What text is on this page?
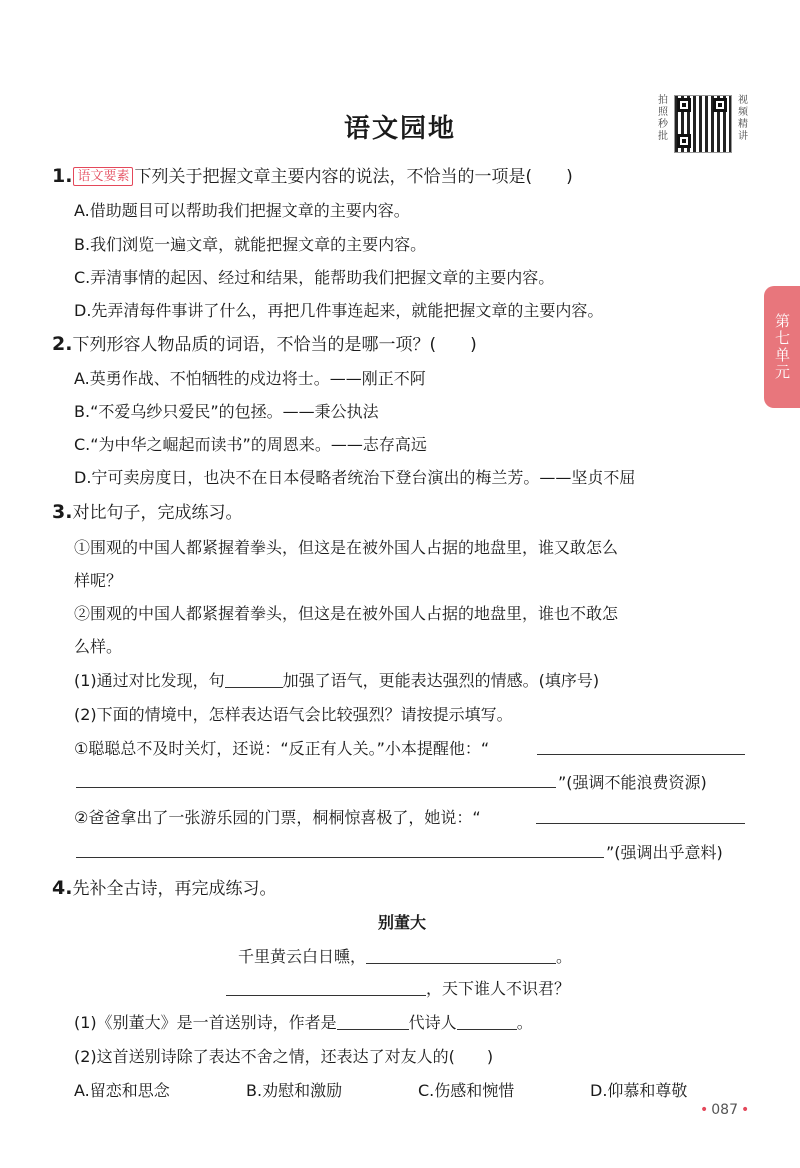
语文园地
拍
照
秒
批
视
频
精
讲
第七单元
1. 语文要素 下列关于把握文章主要内容的说法，不恰当的一项是(　　)
A.借助题目可以帮助我们把握文章的主要内容。
B.我们浏览一遍文章，就能把握文章的主要内容。
C.弄清事情的起因、经过和结果，能帮助我们把握文章的主要内容。
D.先弄清每件事讲了什么，再把几件事连起来，就能把握文章的主要内容。
2.下列形容人物品质的词语，不恰当的是哪一项？(　　)
A.英勇作战、不怕牺牲的戍边将士。——刚正不阿
B.“不爱乌纱只爱民”的包拯。——秉公执法
C.“为中华之崛起而读书”的周恩来。——志存高远
D.宁可卖房度日，也决不在日本侵略者统治下登台演出的梅兰芳。——坚贞不屈
3.对比句子，完成练习。
①围观的中国人都紧握着拳头，但这是在被外国人占据的地盘里，谁又敢怎么
样呢？
②围观的中国人都紧握着拳头，但这是在被外国人占据的地盘里，谁也不敢怎
么样。
(1)通过对比发现，句	加强了语气，更能表达强烈的情感。(填序号)
(2)下面的情境中，怎样表达语气会比较强烈？请按提示填写。
①聪聪总不及时关灯，还说：“反正有人关。”小本提醒他：“
”(强调不能浪费资源)
②爸爸拿出了一张游乐园的门票，桐桐惊喜极了，她说：“
”(强调出乎意料)
4.先补全古诗，再完成练习。
别董大
千里黄云白日曛，	。
，天下谁人不识君？
(1)《别董大》是一首送别诗，作者是	代诗人	。
(2)这首送别诗除了表达不舍之情，还表达了对友人的(　　)
A.留恋和思念	B.劝慰和激励	C.伤感和惋惜	D.仰慕和尊敬
• 087 •
